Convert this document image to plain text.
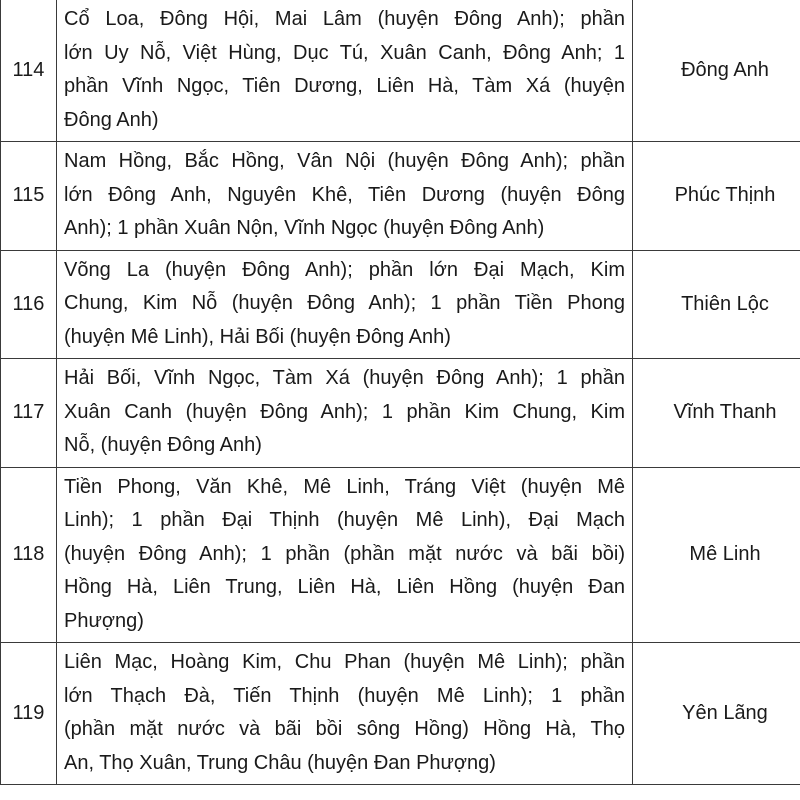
114	Cổ Loa, Đông Hội, Mai Lâm (huyện Đông Anh); phần
lớn Uy Nỗ, Việt Hùng, Dục Tú, Xuân Canh, Đông Anh; 1
phần Vĩnh Ngọc, Tiên Dương, Liên Hà, Tàm Xá (huyện
Đông Anh)	Đông Anh
115	Nam Hồng, Bắc Hồng, Vân Nội (huyện Đông Anh); phần
lớn Đông Anh, Nguyên Khê, Tiên Dương (huyện Đông
Anh); 1 phần Xuân Nộn, Vĩnh Ngọc (huyện Đông Anh)	Phúc Thịnh
116	Võng La (huyện Đông Anh); phần lớn Đại Mạch, Kim
Chung, Kim Nỗ (huyện Đông Anh); 1 phần Tiền Phong
(huyện Mê Linh), Hải Bối (huyện Đông Anh)	Thiên Lộc
117	Hải Bối, Vĩnh Ngọc, Tàm Xá (huyện Đông Anh); 1 phần
Xuân Canh (huyện Đông Anh); 1 phần Kim Chung, Kim
Nỗ, (huyện Đông Anh)	Vĩnh Thanh
118	Tiền Phong, Văn Khê, Mê Linh, Tráng Việt (huyện Mê
Linh); 1 phần Đại Thịnh (huyện Mê Linh), Đại Mạch
(huyện Đông Anh); 1 phần (phần mặt nước và bãi bồi)
Hồng Hà, Liên Trung, Liên Hà, Liên Hồng (huyện Đan
Phượng)	Mê Linh
119	Liên Mạc, Hoàng Kim, Chu Phan (huyện Mê Linh); phần
lớn Thạch Đà, Tiến Thịnh (huyện Mê Linh); 1 phần
(phần mặt nước và bãi bồi sông Hồng) Hồng Hà, Thọ
An, Thọ Xuân, Trung Châu (huyện Đan Phượng)	Yên Lãng
